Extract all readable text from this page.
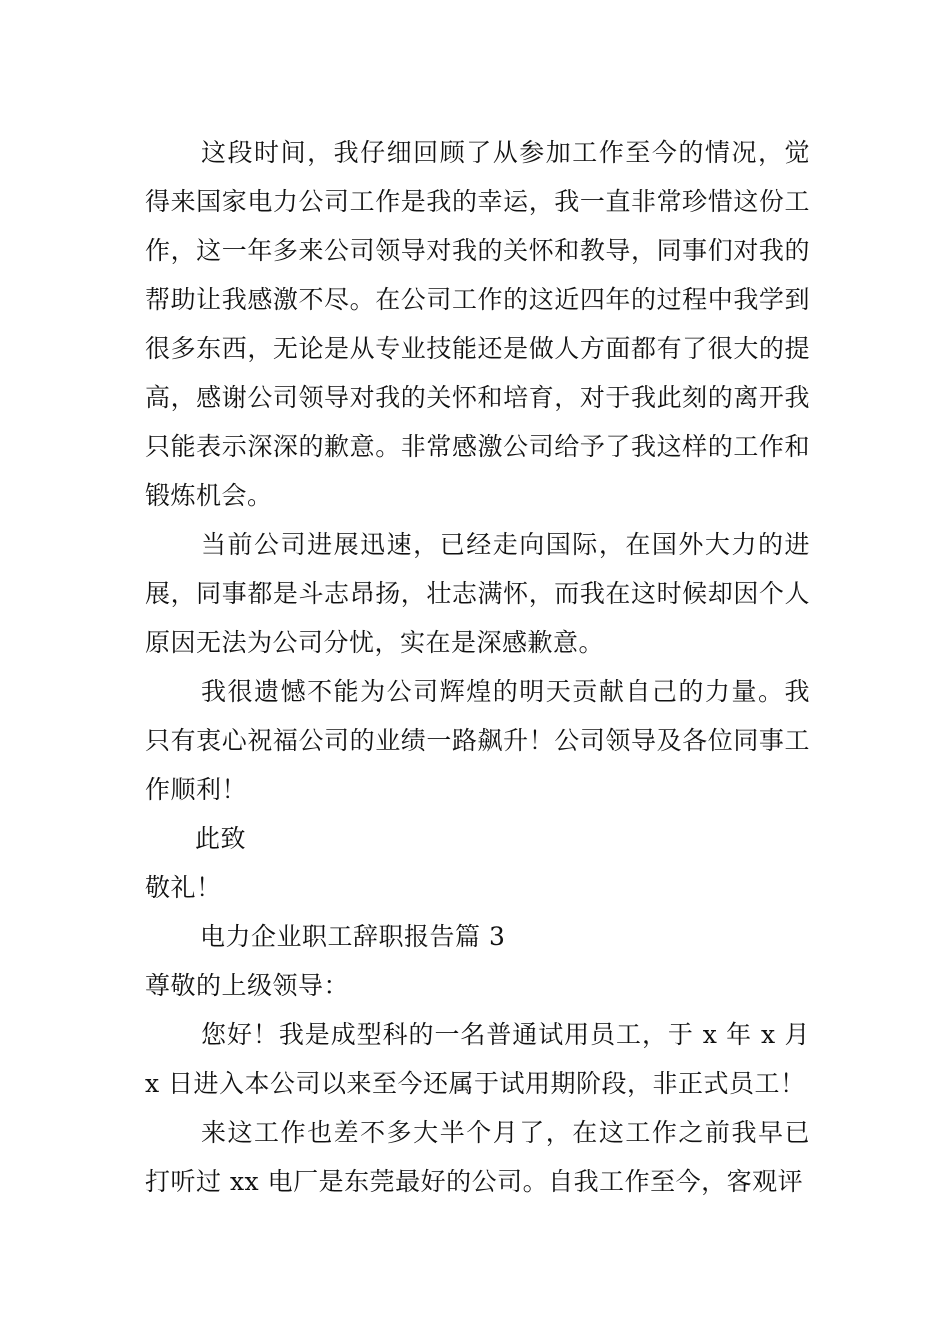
这段时间，我仔细回顾了从参加工作至今的情况，觉得来国家电力公司工作是我的幸运，我一直非常珍惜这份工作，这一年多来公司领导对我的关怀和教导，同事们对我的帮助让我感激不尽。在公司工作的这近四年的过程中我学到很多东西，无论是从专业技能还是做人方面都有了很大的提高，感谢公司领导对我的关怀和培育，对于我此刻的离开我只能表示深深的歉意。非常感激公司给予了我这样的工作和锻炼机会。

当前公司进展迅速，已经走向国际，在国外大力的进展，同事都是斗志昂扬，壮志满怀，而我在这时候却因个人原因无法为公司分忧，实在是深感歉意。

我很遗憾不能为公司辉煌的明天贡献自己的力量。我只有衷心祝福公司的业绩一路飙升！公司领导及各位同事工作顺利！

此致

敬礼！

电力企业职工辞职报告篇 3

尊敬的上级领导：

您好！我是成型科的一名普通试用员工，于 x 年 x 月 x 日进入本公司以来至今还属于试用期阶段，非正式员工！

来这工作也差不多大半个月了，在这工作之前我早已打听过 xx 电厂是东莞最好的公司。自我工作至今，客观评
